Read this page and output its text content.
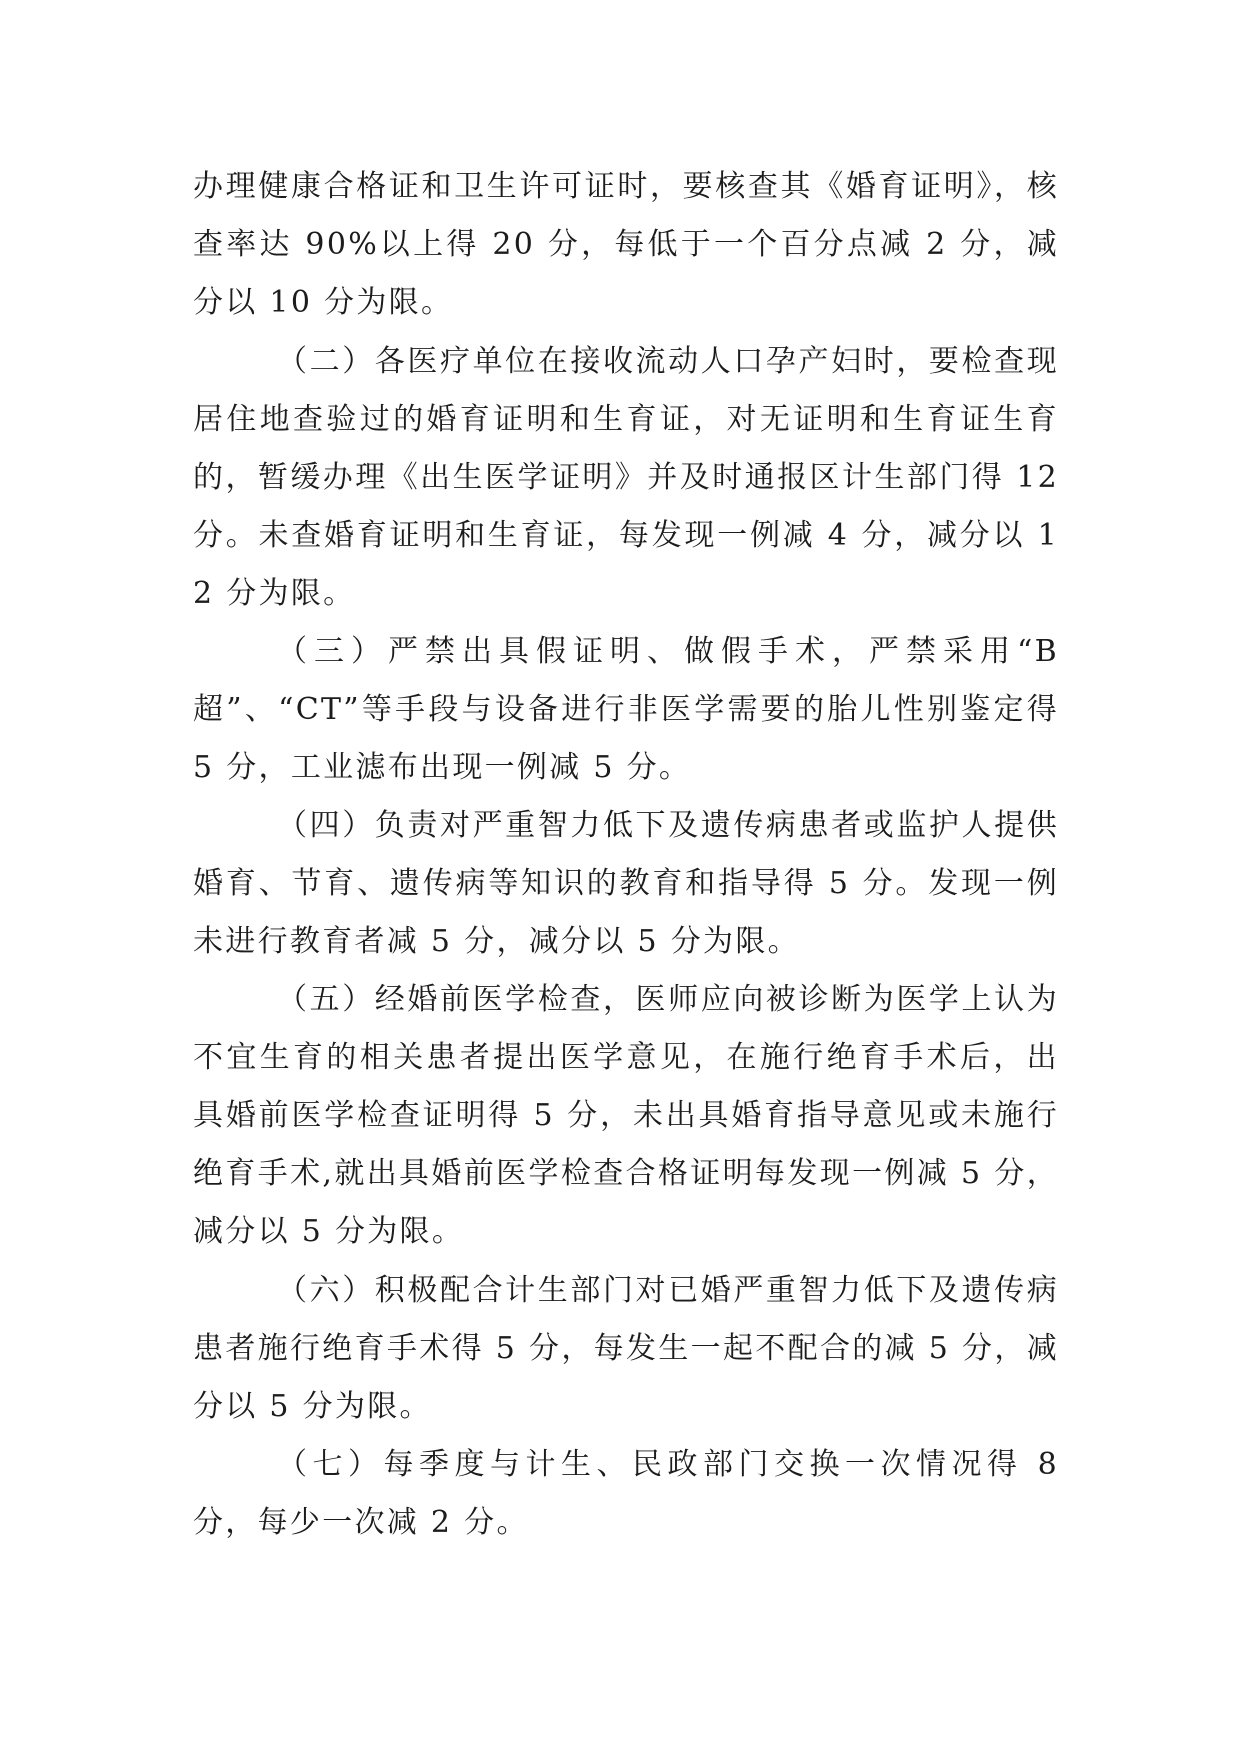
办理健康合格证和卫生许可证时，要核查其《婚育证明》，核查率达 90%以上得 20 分，每低于一个百分点减 2 分，减分以 10 分为限。

（二）各医疗单位在接收流动人口孕产妇时，要检查现居住地查验过的婚育证明和生育证，对无证明和生育证生育的，暂缓办理《出生医学证明》并及时通报区计生部门得 12 分。未查婚育证明和生育证，每发现一例减 4 分，减分以 12 分为限。

（三）严禁出具假证明、做假手术，严禁采用“B 超”、“CT”等手段与设备进行非医学需要的胎儿性别鉴定得 5 分，工业滤布出现一例减 5 分。

（四）负责对严重智力低下及遗传病患者或监护人提供婚育、节育、遗传病等知识的教育和指导得 5 分。发现一例未进行教育者减 5 分，减分以 5 分为限。

（五）经婚前医学检查，医师应向被诊断为医学上认为不宜生育的相关患者提出医学意见，在施行绝育手术后，出具婚前医学检查证明得 5 分，未出具婚育指导意见或未施行绝育手术,就出具婚前医学检查合格证明每发现一例减 5 分，减分以 5 分为限。

（六）积极配合计生部门对已婚严重智力低下及遗传病患者施行绝育手术得 5 分，每发生一起不配合的减 5 分，减分以 5 分为限。

（七）每季度与计生、民政部门交换一次情况得 8 分，每少一次减 2 分。
